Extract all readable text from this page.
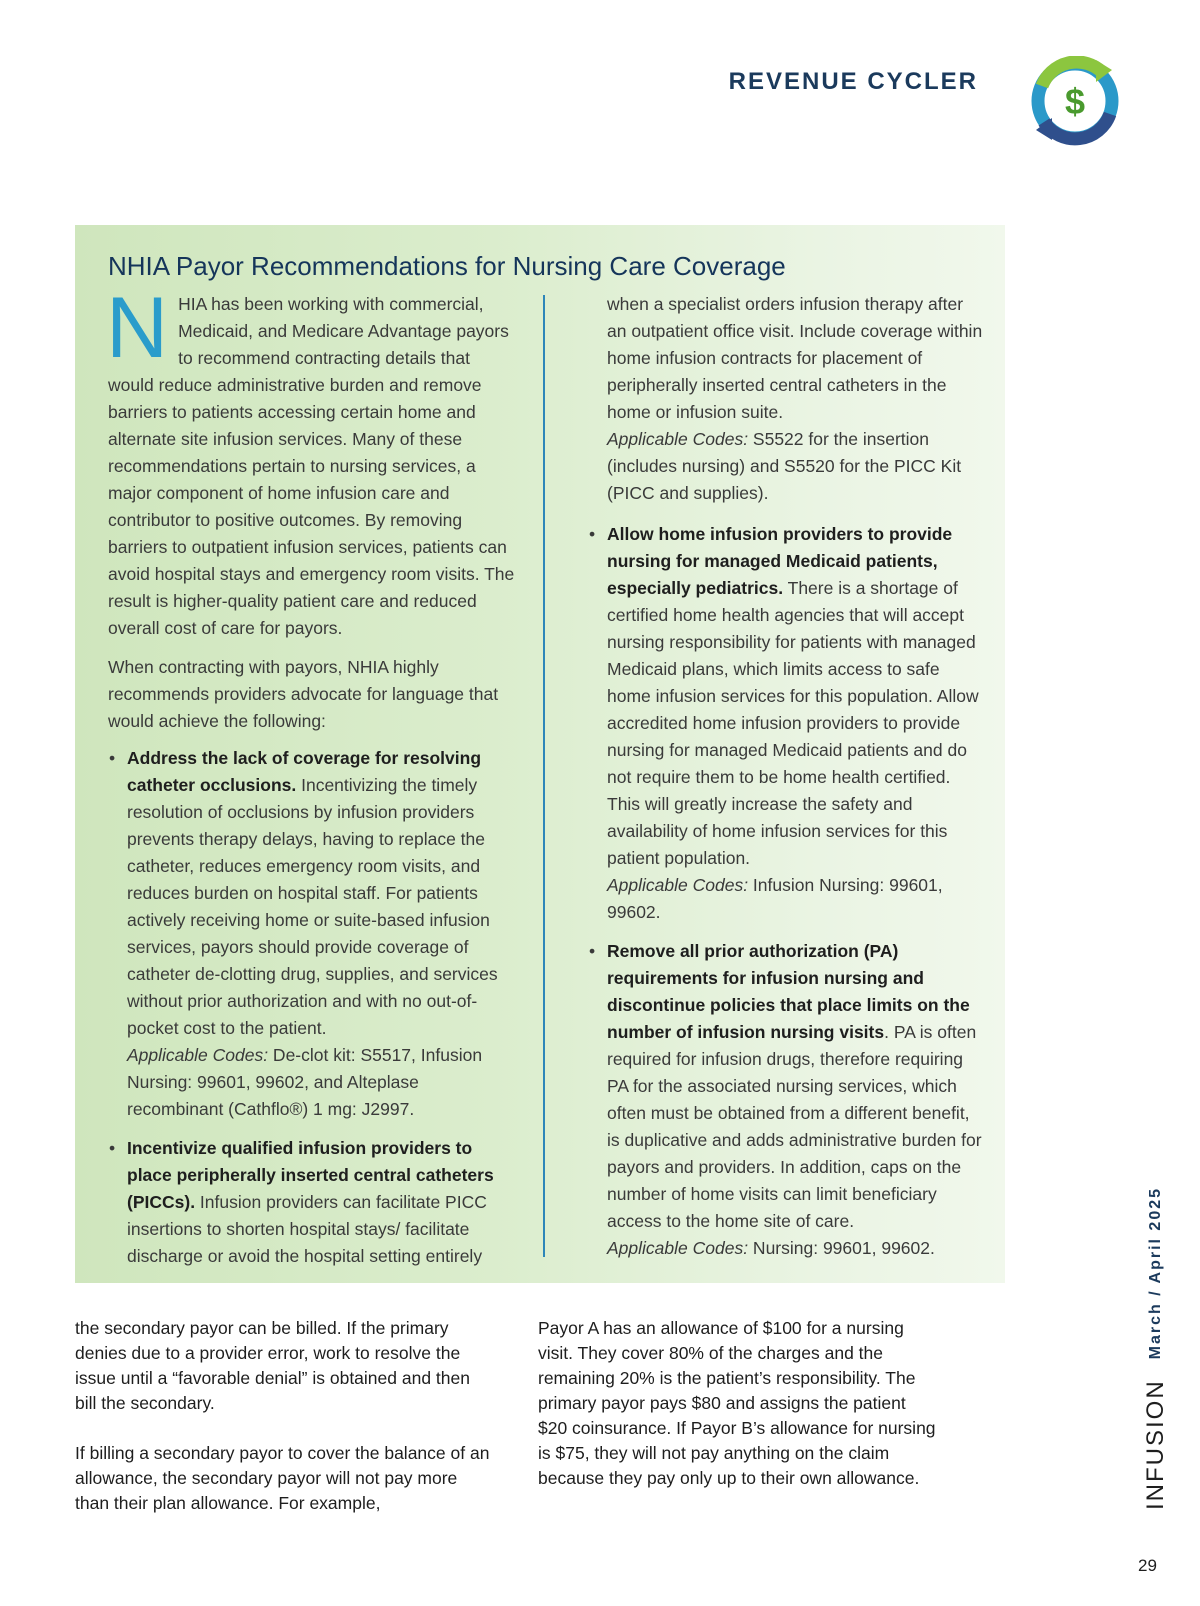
REVENUE CYCLER $
NHIA Payor Recommendations for Nursing Care Coverage

NHIA has been working with commercial, Medicaid, and Medicare Advantage payors to recommend contracting details that would reduce administrative burden and remove barriers to patients accessing certain home and alternate site infusion services. Many of these recommendations pertain to nursing services, a major component of home infusion care and contributor to positive outcomes. By removing barriers to outpatient infusion services, patients can avoid hospital stays and emergency room visits. The result is higher-quality patient care and reduced overall cost of care for payors.

When contracting with payors, NHIA highly recommends providers advocate for language that would achieve the following:

• Address the lack of coverage for resolving catheter occlusions. Incentivizing the timely resolution of occlusions by infusion providers prevents therapy delays, having to replace the catheter, reduces emergency room visits, and reduces burden on hospital staff. For patients actively receiving home or suite-based infusion services, payors should provide coverage of catheter de-clotting drug, supplies, and services without prior authorization and with no out-of-pocket cost to the patient.
Applicable Codes: De-clot kit: S5517, Infusion Nursing: 99601, 99602, and Alteplase recombinant (Cathflo®) 1 mg: J2997.
• Incentivize qualified infusion providers to place peripherally inserted central catheters (PICCs). Infusion providers can facilitate PICC insertions to shorten hospital stays/ facilitate discharge or avoid the hospital setting entirely

when a specialist orders infusion therapy after an outpatient office visit. Include coverage within home infusion contracts for placement of peripherally inserted central catheters in the home or infusion suite.
Applicable Codes: S5522 for the insertion (includes nursing) and S5520 for the PICC Kit (PICC and supplies).

• Allow home infusion providers to provide nursing for managed Medicaid patients, especially pediatrics. There is a shortage of certified home health agencies that will accept nursing responsibility for patients with managed Medicaid plans, which limits access to safe home infusion services for this population. Allow accredited home infusion providers to provide nursing for managed Medicaid patients and do not require them to be home health certified. This will greatly increase the safety and availability of home infusion services for this patient population.
Applicable Codes: Infusion Nursing: 99601, 99602.
• Remove all prior authorization (PA) requirements for infusion nursing and discontinue policies that place limits on the number of infusion nursing visits. PA is often required for infusion drugs, therefore requiring PA for the associated nursing services, which often must be obtained from a different benefit, is duplicative and adds administrative burden for payors and providers. In addition, caps on the number of home visits can limit beneficiary access to the home site of care.
Applicable Codes: Nursing: 99601, 99602.

the secondary payor can be billed. If the primary denies due to a provider error, work to resolve the issue until a “favorable denial” is obtained and then bill the secondary.

If billing a secondary payor to cover the balance of an allowance, the secondary payor will not pay more than their plan allowance. For example,

Payor A has an allowance of $100 for a nursing visit. They cover 80% of the charges and the remaining 20% is the patient’s responsibility. The primary payor pays $80 and assigns the patient $20 coinsurance. If Payor B’s allowance for nursing is $75, they will not pay anything on the claim because they pay only up to their own allowance.	INFUSION
March / April 2025
29
